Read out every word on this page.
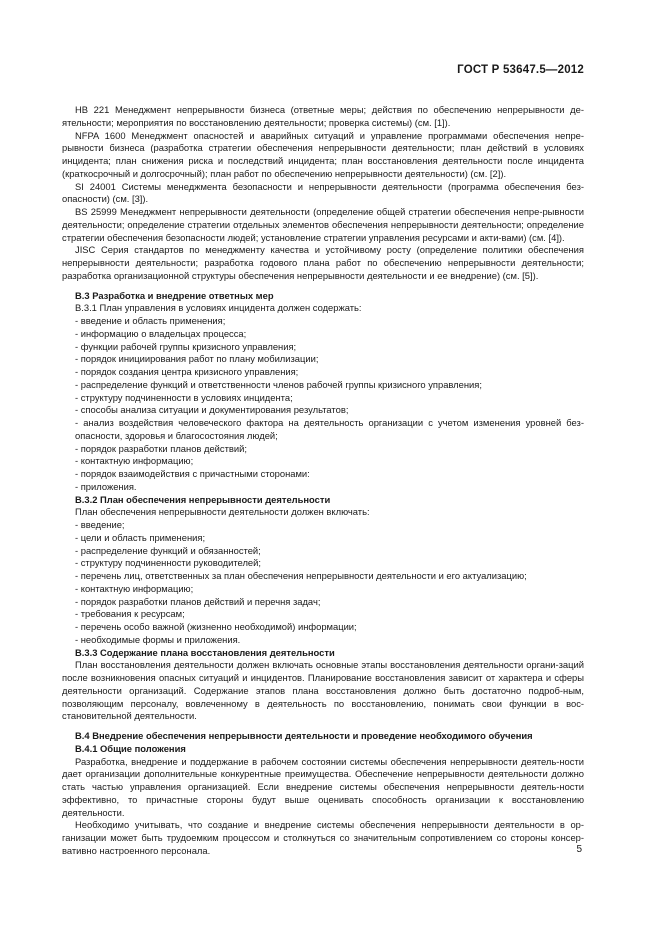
ГОСТ Р 53647.5—2012

HB 221 Менеджмент непрерывности бизнеса (ответные меры; действия по обеспечению непрерывности де-ятельности; мероприятия по восстановлению деятельности; проверка системы) (см. [1]).

NFPA 1600 Менеджмент опасностей и аварийных ситуаций и управление программами обеспечения непре-рывности бизнеса (разработка стратегии обеспечения непрерывности деятельности; план действий в условиях инцидента; план снижения риска и последствий инцидента; план восстановления деятельности после инцидента (краткосрочный и долгосрочный); план работ по обеспечению непрерывности деятельности) (см. [2]).

SI 24001 Системы менеджмента безопасности и непрерывности деятельности (программа обеспечения без-опасности) (см. [3]).

BS 25999 Менеджмент непрерывности деятельности (определение общей стратегии обеспечения непре-рывности деятельности; определение стратегии отдельных элементов обеспечения непрерывности деятельности; определение стратегии обеспечения безопасности людей; установление стратегии управления ресурсами и акти-вами) (см. [4]).

JISC Серия стандартов по менеджменту качества и устойчивому росту (определение политики обеспечения непрерывности деятельности; разработка годового плана работ по обеспечению непрерывности деятельности; разработка организационной структуры обеспечения непрерывности деятельности и ее внедрение) (см. [5]).

B.3 Разработка и внедрение ответных мер

B.3.1 План управления в условиях инцидента должен содержать:

- введение и область применения;
- информацию о владельцах процесса;
- функции рабочей группы кризисного управления;
- порядок инициирования работ по плану мобилизации;
- порядок создания центра кризисного управления;
- распределение функций и ответственности членов рабочей группы кризисного управления;
- структуру подчиненности в условиях инцидента;
- способы анализа ситуации и документирования результатов;
- анализ воздействия человеческого фактора на деятельность организации с учетом изменения уровней без-опасности, здоровья и благосостояния людей;
- порядок разработки планов действий;
- контактную информацию;
- порядок взаимодействия с причастными сторонами:
- приложения.

B.3.2 План обеспечения непрерывности деятельности

План обеспечения непрерывности деятельности должен включать:

- введение;
- цели и область применения;
- распределение функций и обязанностей;
- структуру подчиненности руководителей;
- перечень лиц, ответственных за план обеспечения непрерывности деятельности и его актуализацию;
- контактную информацию;
- порядок разработки планов действий и перечня задач;
- требования к ресурсам;
- перечень особо важной (жизненно необходимой) информации;
- необходимые формы и приложения.

B.3.3 Содержание плана восстановления деятельности

План восстановления деятельности должен включать основные этапы восстановления деятельности органи-заций после возникновения опасных ситуаций и инцидентов. Планирование восстановления зависит от характера и сферы деятельности организаций. Содержание этапов плана восстановления должно быть достаточно подроб-ным, позволяющим персоналу, вовлеченному в деятельность по восстановлению, понимать свои функции в вос-становительной деятельности.

B.4 Внедрение обеспечения непрерывности деятельности и проведение необходимого обучения

B.4.1 Общие положения

Разработка, внедрение и поддержание в рабочем состоянии системы обеспечения непрерывности деятель-ности дает организации дополнительные конкурентные преимущества. Обеспечение непрерывности деятельности должно стать частью управления организацией. Если внедрение системы обеспечения непрерывности деятель-ности эффективно, то причастные стороны будут выше оценивать способность организации к восстановлению деятельности.

Необходимо учитывать, что создание и внедрение системы обеспечения непрерывности деятельности в ор-ганизации может быть трудоемким процессом и столкнуться со значительным сопротивлением со стороны консер-вативно настроенного персонала.	5
